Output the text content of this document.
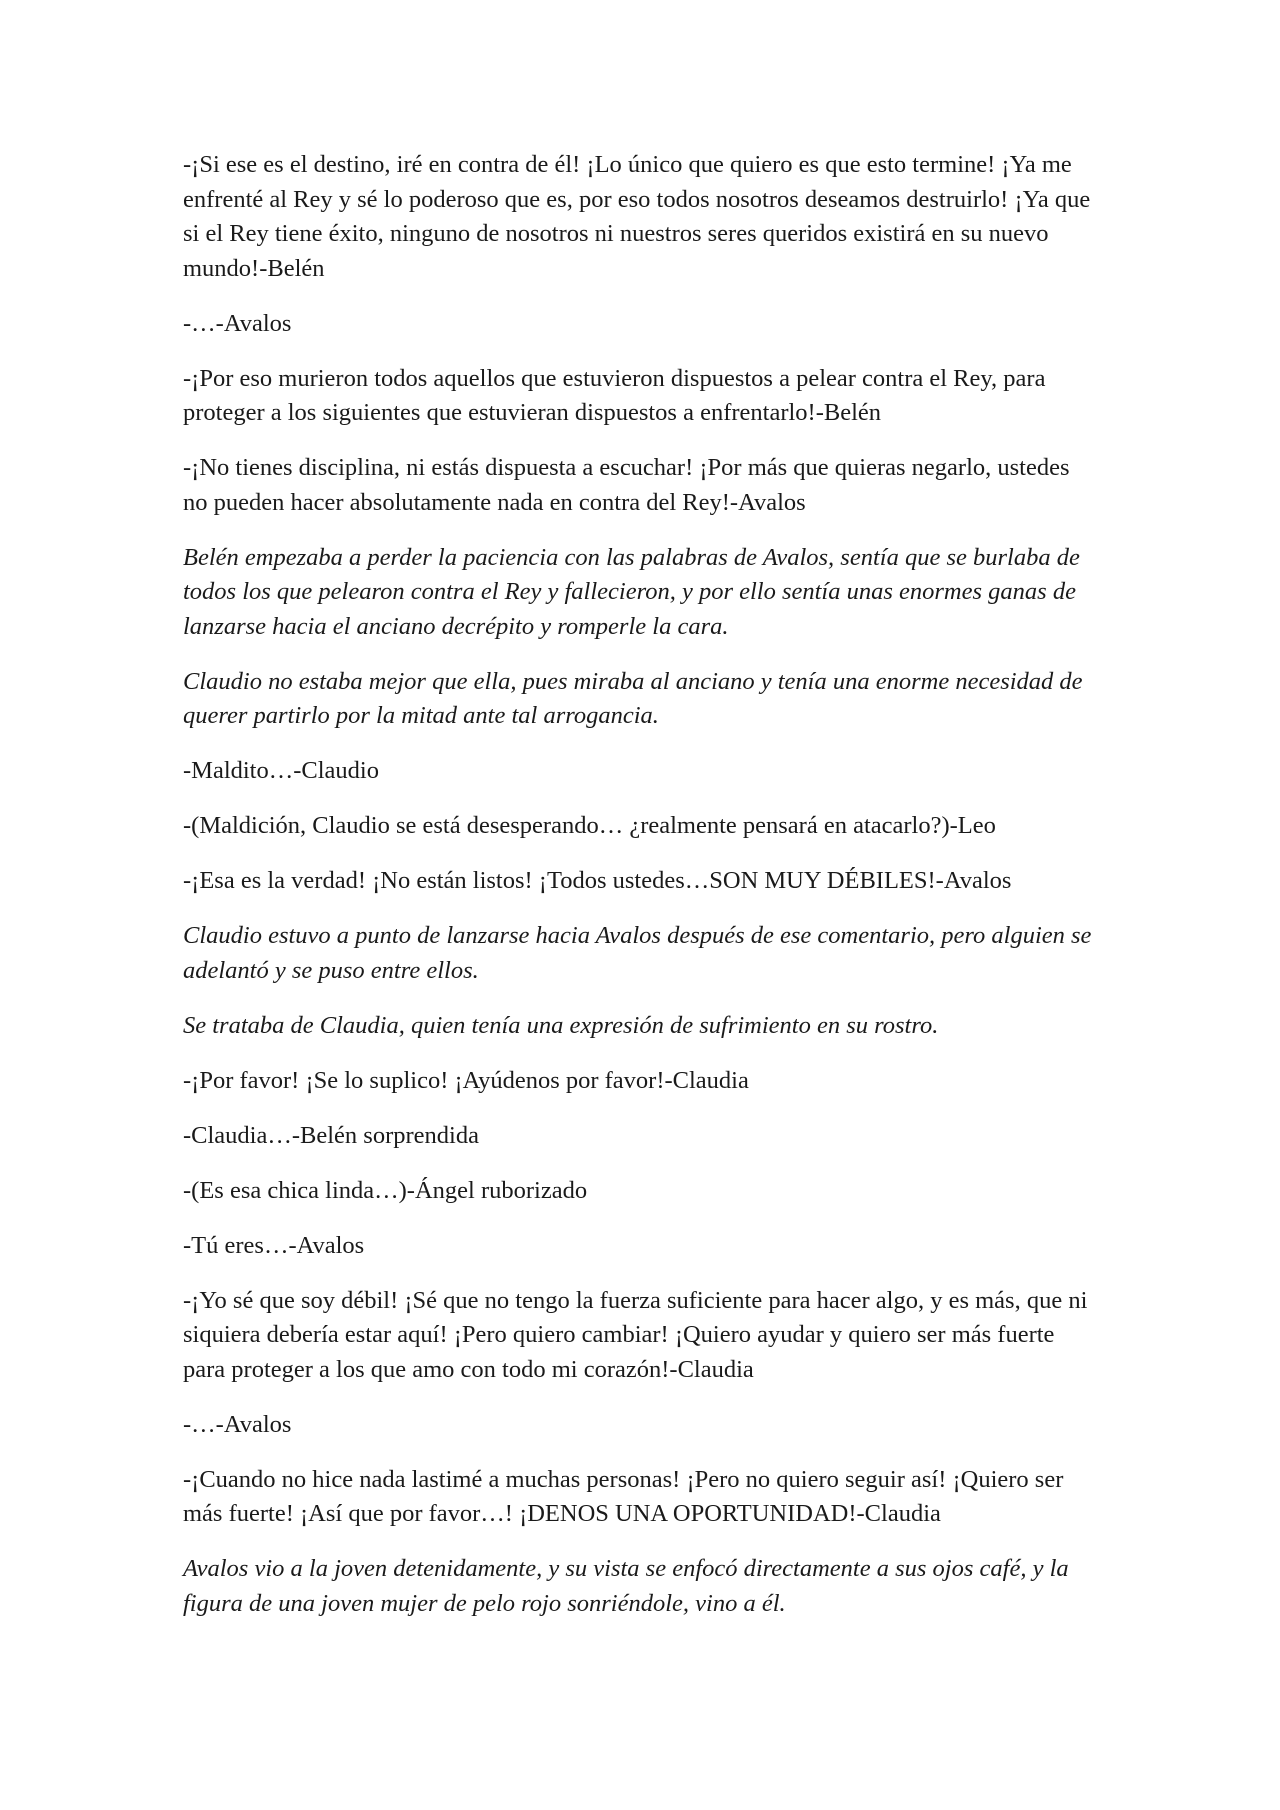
-¡Si ese es el destino, iré en contra de él! ¡Lo único que quiero es que esto termine! ¡Ya me enfrenté al Rey y sé lo poderoso que es, por eso todos nosotros deseamos destruirlo! ¡Ya que si el Rey tiene éxito, ninguno de nosotros ni nuestros seres queridos existirá en su nuevo mundo!-Belén

-…-Avalos

-¡Por eso murieron todos aquellos que estuvieron dispuestos a pelear contra el Rey, para proteger a los siguientes que estuvieran dispuestos a enfrentarlo!-Belén

-¡No tienes disciplina, ni estás dispuesta a escuchar! ¡Por más que quieras negarlo, ustedes no pueden hacer absolutamente nada en contra del Rey!-Avalos

Belén empezaba a perder la paciencia con las palabras de Avalos, sentía que se burlaba de todos los que pelearon contra el Rey y fallecieron, y por ello sentía unas enormes ganas de lanzarse hacia el anciano decrépito y romperle la cara.

Claudio no estaba mejor que ella, pues miraba al anciano y tenía una enorme necesidad de querer partirlo por la mitad ante tal arrogancia.

-Maldito…-Claudio

-(Maldición, Claudio se está desesperando… ¿realmente pensará en atacarlo?)-Leo

-¡Esa es la verdad! ¡No están listos! ¡Todos ustedes…SON MUY DÉBILES!-Avalos

Claudio estuvo a punto de lanzarse hacia Avalos después de ese comentario, pero alguien se adelantó y se puso entre ellos.

Se trataba de Claudia, quien tenía una expresión de sufrimiento en su rostro.

-¡Por favor! ¡Se lo suplico! ¡Ayúdenos por favor!-Claudia

-Claudia…-Belén sorprendida

-(Es esa chica linda…)-Ángel ruborizado

-Tú eres…-Avalos

-¡Yo sé que soy débil! ¡Sé que no tengo la fuerza suficiente para hacer algo, y es más, que ni siquiera debería estar aquí! ¡Pero quiero cambiar! ¡Quiero ayudar y quiero ser más fuerte para proteger a los que amo con todo mi corazón!-Claudia

-…-Avalos

-¡Cuando no hice nada lastimé a muchas personas! ¡Pero no quiero seguir así! ¡Quiero ser más fuerte! ¡Así que por favor…! ¡DENOS UNA OPORTUNIDAD!-Claudia

Avalos vio a la joven detenidamente, y su vista se enfocó directamente a sus ojos café, y la figura de una joven mujer de pelo rojo sonriéndole, vino a él.
